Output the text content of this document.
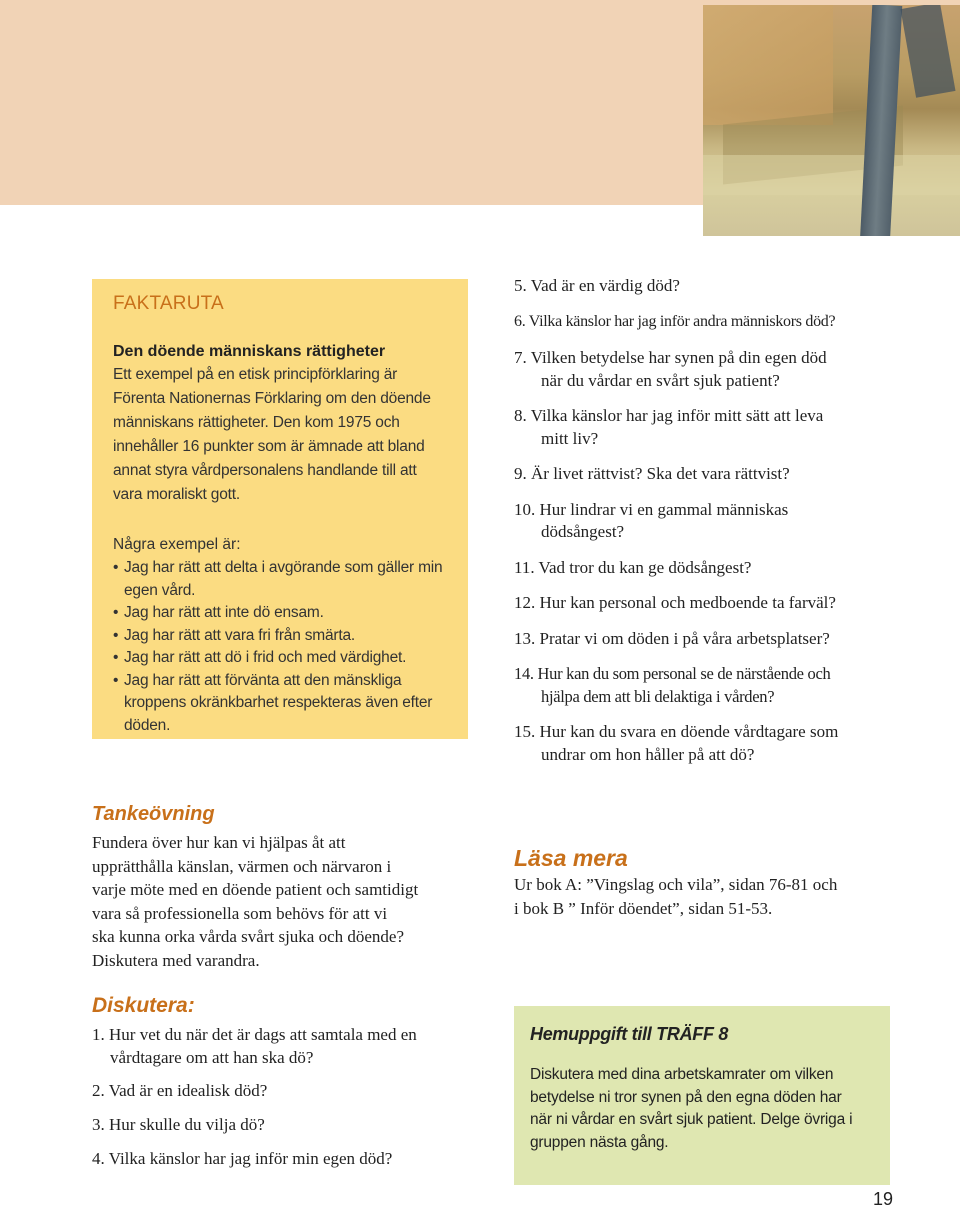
FAKTARUTA

Den döende människans rättigheter

Ett exempel på en etisk principförklaring är
Förenta Nationernas Förklaring om den döende
människans rättigheter. Den kom 1975 och
innehåller 16 punkter som är ämnade att bland
annat styra vårdpersonalens handlande till att
vara moraliskt gott.

Några exempel är:

• Jag har rätt att delta i avgörande som gäller min
egen vård.
• Jag har rätt att inte dö ensam.
• Jag har rätt att vara fri från smärta.
• Jag har rätt att dö i frid och med värdighet.
• Jag har rätt att förvänta att den mänskliga
kroppens okränkbarhet respekteras även efter
döden.
Tankeövning

Fundera över hur kan vi hjälpas åt att
upprätthålla känslan, värmen och närvaron i
varje möte med en döende patient och samtidigt
vara så professionella som behövs för att vi
ska kunna orka vårda svårt sjuka och döende?
Diskutera med varandra.

Diskutera:

1. Hur vet du när det är dags att samtala med en
vårdtagare om att han ska dö?

2. Vad är en idealisk död?

3. Hur skulle du vilja dö?

4. Vilka känslor har jag inför min egen död?

5. Vad är en värdig död?

6. Vilka känslor har jag inför andra människors död?

7. Vilken betydelse har synen på din egen död
när du vårdar en svårt sjuk patient?

8. Vilka känslor har jag inför mitt sätt att leva
mitt liv?

9. Är livet rättvist? Ska det vara rättvist?

10. Hur lindrar vi en gammal människas
dödsångest?

11. Vad tror du kan ge dödsångest?

12. Hur kan personal och medboende ta farväl?

13. Pratar vi om döden i på våra arbetsplatser?

14. Hur kan du som personal se de närstående och
hjälpa dem att bli delaktiga i vården?

15. Hur kan du svara en döende vårdtagare som
undrar om hon håller på att dö?

Läsa mera

Ur bok A: ”Vingslag och vila”, sidan 76-81 och
i bok B ” Inför döendet”, sidan 51-53.

Hemuppgift till TRÄFF 8

Diskutera med dina arbetskamrater om vilken
betydelse ni tror synen på den egna döden har
när ni vårdar en svårt sjuk patient. Delge övriga i
gruppen nästa gång.

19
